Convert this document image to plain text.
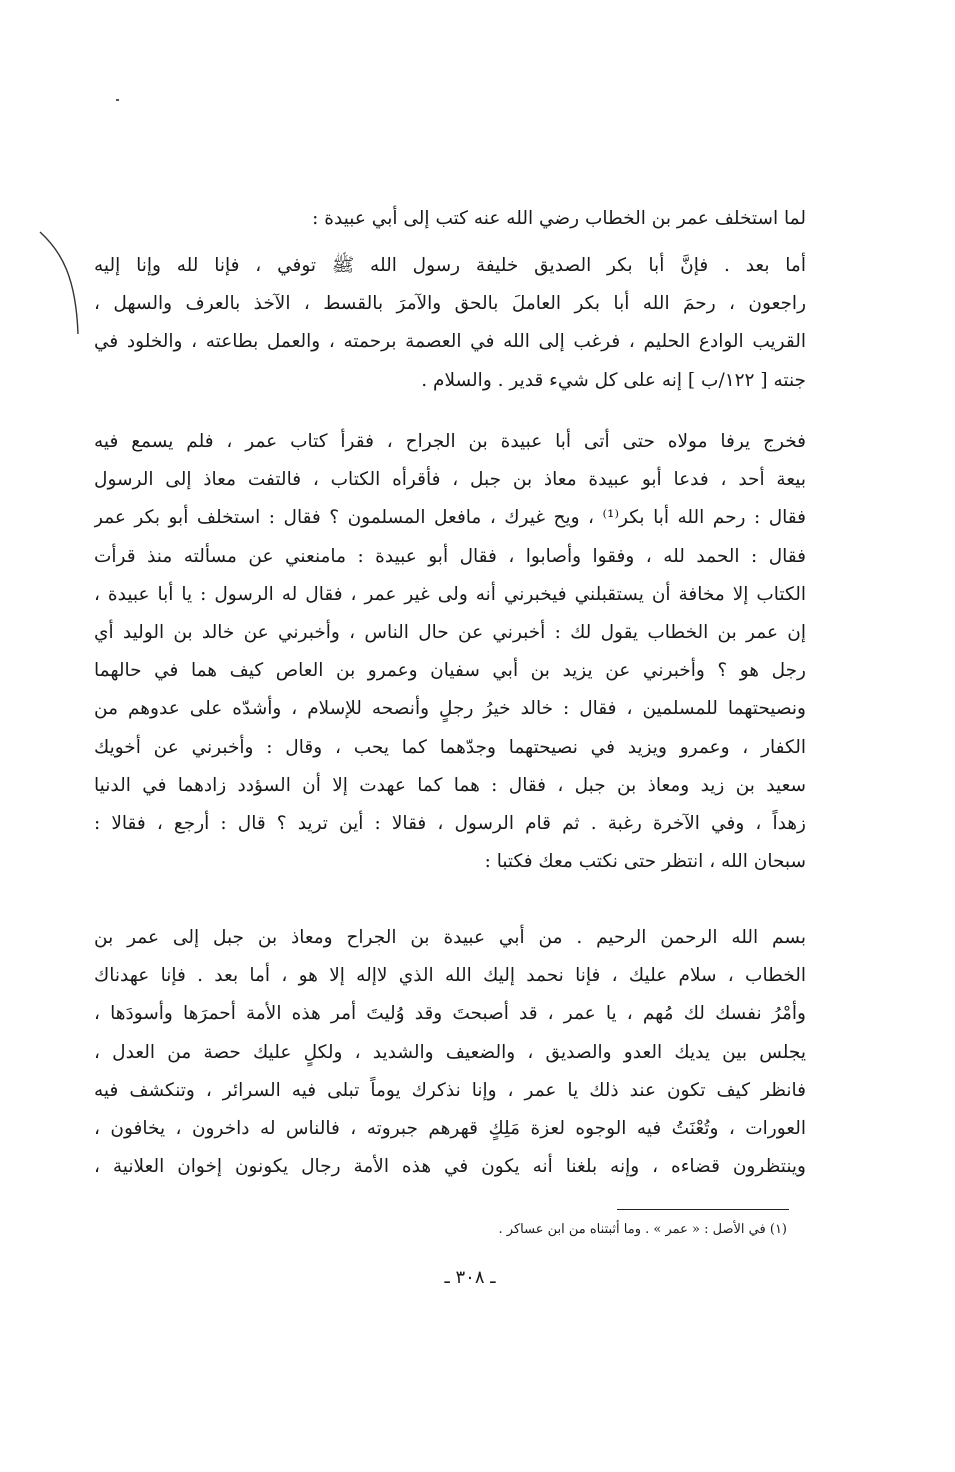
لما استخلف عمر بن الخطاب رضي الله عنه كتب إلى أبي عبيدة :
أما بعد . فإنَّ أبا بكر الصديق خليفة رسول الله ﷺ توفي ، فإنا لله وإنا إليه
راجعون ، رحمَ الله أبا بكر العاملَ بالحق والآمرَ بالقسط ، الآخذ بالعرف والسهل ،
القريب الوادع الحليم ، فرغب إلى الله في العصمة برحمته ، والعمل بطاعته ، والخلود في
جنته [ ١٢٢/ب ] إنه على كل شيء قدير . والسلام .
فخرج يرفا مولاه حتى أتى أبا عبيدة بن الجراح ، فقرأ كتاب عمر ، فلم يسمع فيه
بيعة أحد ، فدعا أبو عبيدة معاذ بن جبل ، فأقرأه الكتاب ، فالتفت معاذ إلى الرسول
فقال : رحم الله أبا بكر⁽¹⁾ ، ويح غيرك ، مافعل المسلمون ؟ فقال : استخلف أبو بكر عمر
فقال : الحمد لله ، وفقوا وأصابوا ، فقال أبو عبيدة : مامنعني عن مسألته منذ قرأت
الكتاب إلا مخافة أن يستقبلني فيخبرني أنه ولى غير عمر ، فقال له الرسول : يا أبا عبيدة ،
إن عمر بن الخطاب يقول لك : أخبرني عن حال الناس ، وأخبرني عن خالد بن الوليد أي
رجل هو ؟ وأخبرني عن يزيد بن أبي سفيان وعمرو بن العاص كيف هما في حالهما
ونصيحتهما للمسلمين ، فقال : خالد خيرُ رجلٍ وأنصحه للإسلام ، وأشدّه على عدوهم من
الكفار ، وعمرو ويزيد في نصيحتهما وجدّهما كما يحب ، وقال : وأخبرني عن أخويك
سعيد بن زيد ومعاذ بن جبل ، فقال : هما كما عهدت إلا أن السؤدد زادهما في الدنيا
زهداً ، وفي الآخرة رغبة . ثم قام الرسول ، فقالا : أين تريد ؟ قال : أرجع ، فقالا :
سبحان الله ، انتظر حتى نكتب معك فكتبا :
بسم الله الرحمن الرحيم . من أبي عبيدة بن الجراح ومعاذ بن جبل إلى عمر بن
الخطاب ، سلام عليك ، فإنا نحمد إليك الله الذي لاإله إلا هو ، أما بعد . فإنا عهدناك
وأمْرُ نفسك لك مُهم ، يا عمر ، قد أصبحتَ وقد وُليتَ أمر هذه الأمة أحمرَها وأسودَها ،
يجلس بين يديك العدو والصديق ، والضعيف والشديد ، ولكلٍ عليك حصة من العدل ،
فانظر كيف تكون عند ذلك يا عمر ، وإنا نذكرك يوماً تبلى فيه السرائر ، وتنكشف فيه
العورات ، وتُعْنَتُ فيه الوجوه لعزة مَلِكٍ قهرهم جبروته ، فالناس له داخرون ، يخافون ،
وينتظرون قضاءه ، وإنه بلغنا أنه يكون في هذه الأمة رجال يكونون إخوان العلانية ،
(١) في الأصل : « عمر » . وما أثبتناه من ابن عساكر .
ـ ٣٠٨ ـ
